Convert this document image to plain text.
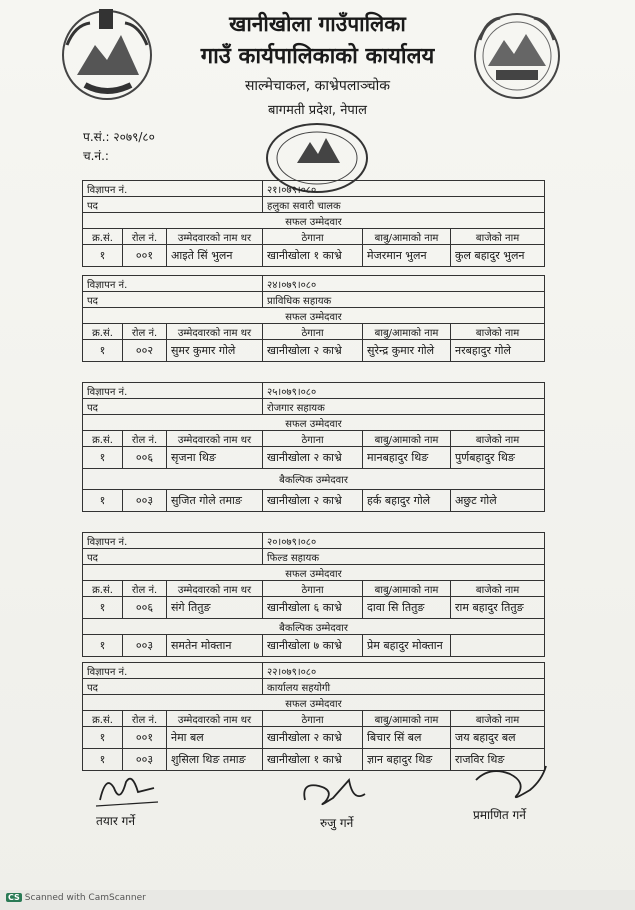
खानीखोला गाउँपालिका
गाउँ कार्यपालिकाको कार्यालय
साल्मेचाकल, काभ्रेपलाञ्चोक
बागमती प्रदेश, नेपाल
प.सं.: २०७९/८०
च.नं.:
विज्ञापन नं.			२१।०७९।०८०		
पद			हलुका सवारी चालक		
सफल उम्मेदवार					
क्र.सं.	रोल नं.	उम्मेदवारको नाम थर	ठेगाना	बाबु/आमाको नाम	बाजेको नाम
१	००१	आइते सिं भुलन	खानीखोला १ काभ्रे	मेजरमान भुलन	कुल बहादुर भुलन
विज्ञापन नं.			२४।०७९।०८०		
पद			प्राविधिक सहायक		
सफल उम्मेदवार					
क्र.सं.	रोल नं.	उम्मेदवारको नाम थर	ठेगाना	बाबु/आमाको नाम	बाजेको नाम
१	००२	सुमर कुमार गोले	खानीखोला २ काभ्रे	सुरेन्द्र कुमार गोले	नरबहादुर गोले
विज्ञापन नं.			२५।०७९।०८०		
पद			रोजगार सहायक		
सफल उम्मेदवार					
क्र.सं.	रोल नं.	उम्मेदवारको नाम थर	ठेगाना	बाबु/आमाको नाम	बाजेको नाम
१	००६	सृजना थिङ	खानीखोला २ काभ्रे	मानबहादुर थिङ	पुर्णबहादुर थिङ
बैकल्पिक उम्मेदवार					
१	००३	सुजित गोले तमाङ	खानीखोला २ काभ्रे	हर्क बहादुर गोले	अछुट गोले
विज्ञापन नं.			२०।०७९।०८०		
पद			फिल्ड सहायक		
सफल उम्मेदवार					
क्र.सं.	रोल नं.	उम्मेदवारको नाम थर	ठेगाना	बाबु/आमाको नाम	बाजेको नाम
१	००६	संगे तितुङ	खानीखोला ६ काभ्रे	दावा सि तितुङ	राम बहादुर तितुङ
बैकल्पिक उम्मेदवार					
१	००३	समतेन मोक्तान	खानीखोला ७ काभ्रे	प्रेम बहादुर मोक्तान	
विज्ञापन नं.			२२।०७९।०८०		
पद			कार्यालय सहयोगी		
सफल उम्मेदवार					
क्र.सं.	रोल नं.	उम्मेदवारको नाम थर	ठेगाना	बाबु/आमाको नाम	बाजेको नाम
१	००१	नेमा बल	खानीखोला २ काभ्रे	बिचार सिं बल	जय बहादुर बल
१	००३	शुसिला थिङ तमाङ	खानीखोला १ काभ्रे	ज्ञान बहादुर थिङ	राजविर थिङ
तयार गर्ने	रुजु गर्ने
प्रमाणित गर्ने
CS Scanned with CamScanner
